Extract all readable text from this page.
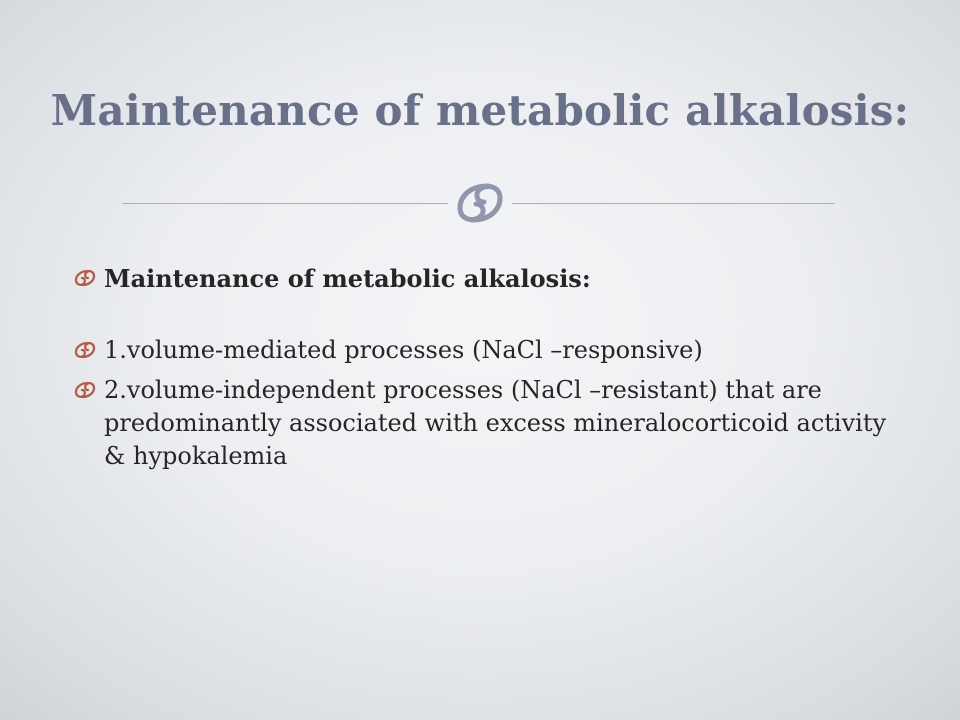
Maintenance of metabolic alkalosis:
Maintenance of metabolic alkalosis:
1.volume-mediated processes (NaCl –responsive)
2.volume-independent processes (NaCl –resistant) that are predominantly associated with excess mineralocorticoid activity & hypokalemia
